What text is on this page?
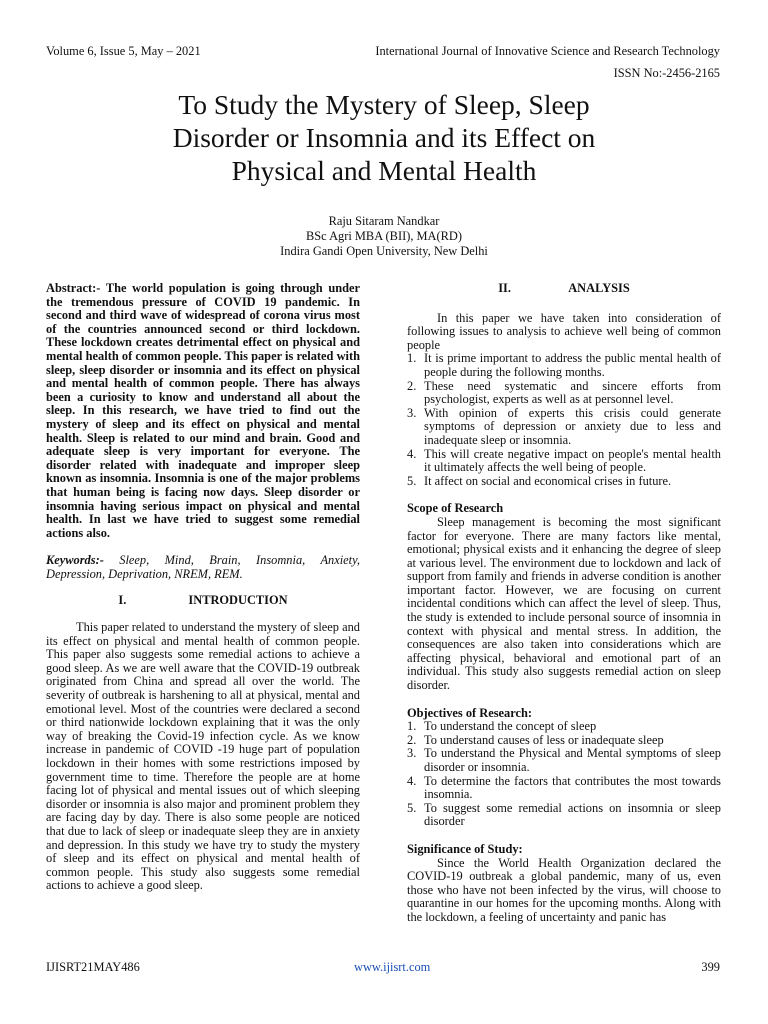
Volume 6, Issue 5, May – 2021	International Journal of Innovative Science and Research Technology
ISSN No:-2456-2165
To Study the Mystery of Sleep, Sleep
Disorder or Insomnia and its Effect on
Physical and Mental Health
Raju Sitaram Nandkar
BSc Agri MBA (BII), MA(RD)
Indira Gandi Open University, New Delhi

Abstract:- The world population is going through under the tremendous pressure of COVID 19 pandemic. In second and third wave of widespread of corona virus most of the countries announced second or third lockdown. These lockdown creates detrimental effect on physical and mental health of common people. This paper is related with sleep, sleep disorder or insomnia and its effect on physical and mental health of common people. There has always been a curiosity to know and understand all about the sleep. In this research, we have tried to find out the mystery of sleep and its effect on physical and mental health. Sleep is related to our mind and brain. Good and adequate sleep is very important for everyone. The disorder related with inadequate and improper sleep known as insomnia. Insomnia is one of the major problems that human being is facing now days. Sleep disorder or insomnia having serious impact on physical and mental health. In last we have tried to suggest some remedial actions also.

Keywords:- Sleep, Mind, Brain, Insomnia, Anxiety, Depression, Deprivation, NREM, REM.

I.	INTRODUCTION

This paper related to understand the mystery of sleep and its effect on physical and mental health of common people. This paper also suggests some remedial actions to achieve a good sleep. As we are well aware that the COVID-19 outbreak originated from China and spread all over the world. The severity of outbreak is harshening to all at physical, mental and emotional level. Most of the countries were declared a second or third nationwide lockdown explaining that it was the only way of breaking the Covid-19 infection cycle. As we know increase in pandemic of COVID -19 huge part of population lockdown in their homes with some restrictions imposed by government time to time. Therefore the people are at home facing lot of physical and mental issues out of which sleeping disorder or insomnia is also major and prominent problem they are facing day by day. There is also some people are noticed that due to lack of sleep or inadequate sleep they are in anxiety and depression. In this study we have try to study the mystery of sleep and its effect on physical and mental health of common people. This study also suggests some remedial actions to achieve a good sleep.

II.	ANALYSIS

In this paper we have taken into consideration of following issues to analysis to achieve well being of common people

1. It is prime important to address the public mental health of people during the following months.
2. These need systematic and sincere efforts from psychologist, experts as well as at personnel level.
3. With opinion of experts this crisis could generate symptoms of depression or anxiety due to less and inadequate sleep or insomnia.
4. This will create negative impact on people's mental health it ultimately affects the well being of people.
5. It affect on social and economical crises in future.

Scope of Research

Sleep management is becoming the most significant factor for everyone. There are many factors like mental, emotional; physical exists and it enhancing the degree of sleep at various level. The environment due to lockdown and lack of support from family and friends in adverse condition is another important factor. However, we are focusing on current incidental conditions which can affect the level of sleep. Thus, the study is extended to include personal source of insomnia in context with physical and mental stress. In addition, the consequences are also taken into considerations which are affecting physical, behavioral and emotional part of an individual. This study also suggests remedial action on sleep disorder.

Objectives of Research:

1. To understand the concept of sleep
2. To understand causes of less or inadequate sleep
3. To understand the Physical and Mental symptoms of sleep disorder or insomnia.
4. To determine the factors that contributes the most towards insomnia.
5. To suggest some remedial actions on insomnia or sleep disorder

Significance of Study:

Since the World Health Organization declared the COVID-19 outbreak a global pandemic, many of us, even those who have not been infected by the virus, will choose to quarantine in our homes for the upcoming months. Along with the lockdown, a feeling of uncertainty and panic has

IJISRT21MAY486	www.ijisrt.com	399
